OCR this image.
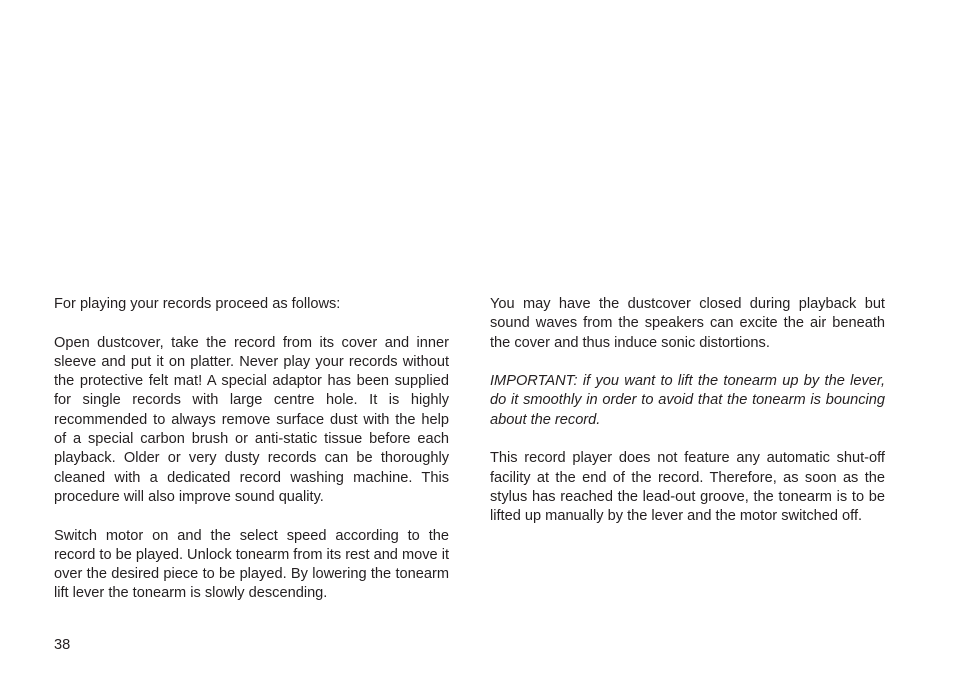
For playing your records proceed as follows:

Open dustcover, take the record from its cover and inner sleeve and put it on platter. Never play your records without the protective felt mat! A special adaptor has been supplied for single records with large centre hole. It is highly recommended to always remove surface dust with the help of a special carbon brush or anti-static tissue before each playback. Older or very dusty records can be thoroughly cleaned with a dedicated record washing machine. This procedure will also improve sound quality.

Switch motor on and the select speed according to the record to be played. Unlock tonearm from its rest and move it over the desired piece to be played. By lowering the tonearm lift lever the tonearm is slowly descending.

You may have the dustcover closed during playback but sound waves from the speakers can excite the air beneath the cover and thus induce sonic distortions.

IMPORTANT: if you want to lift the tonearm up by the lever, do it smoothly in order to avoid that the tonearm is bouncing about the record.

This record player does not feature any automatic shut-off facility at the end of the record. Therefore, as soon as the stylus has reached the lead-out groove, the tonearm is to be lifted up manually by the lever and the motor switched off.

38
